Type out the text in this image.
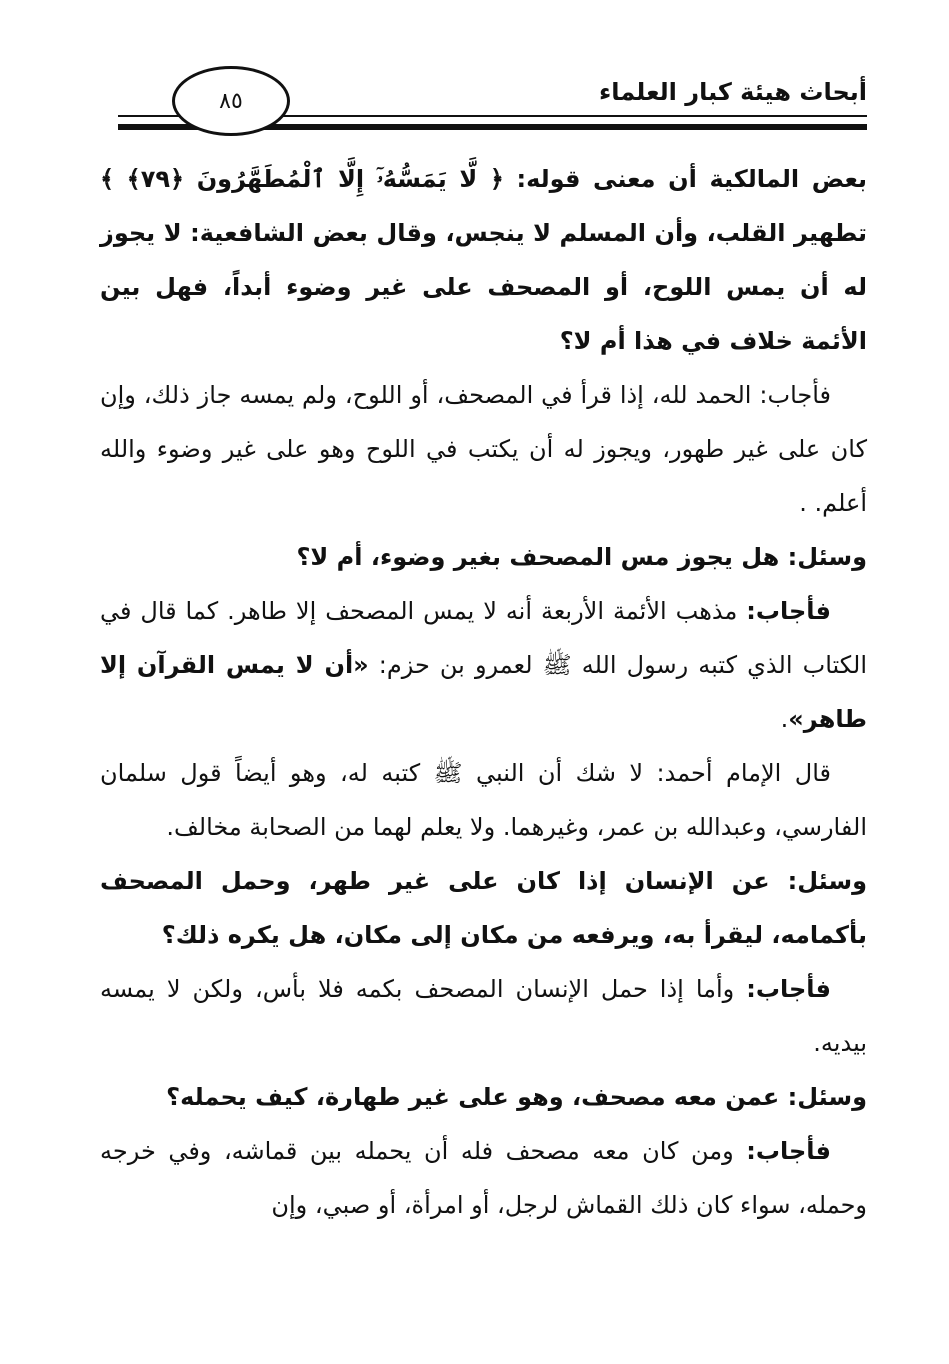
أبحاث هيئة كبار العلماء
٨٥

بعض المالكية أن معنى قوله: ﴿ لَّا يَمَسُّهُۥٓ إِلَّا ٱلْمُطَهَّرُونَ ﴿٧٩﴾ ﴾ تطهير القلب، وأن المسلم لا ينجس، وقال بعض الشافعية: لا يجوز له أن يمس اللوح، أو المصحف على غير وضوء أبداً، فهل بين الأئمة خلاف في هذا أم لا؟

فأجاب: الحمد لله، إذا قرأ في المصحف، أو اللوح، ولم يمسه جاز ذلك، وإن كان على غير طهور، ويجوز له أن يكتب في اللوح وهو على غير وضوء والله أعلم. .

وسئل: هل يجوز مس المصحف بغير وضوء، أم لا؟

فأجاب: مذهب الأئمة الأربعة أنه لا يمس المصحف إلا طاهر. كما قال في الكتاب الذي كتبه رسول الله ﷺ لعمرو بن حزم: «أن لا يمس القرآن إلا طاهر».

قال الإمام أحمد: لا شك أن النبي ﷺ كتبه له، وهو أيضاً قول سلمان الفارسي، وعبدالله بن عمر، وغيرهما. ولا يعلم لهما من الصحابة مخالف.

وسئل: عن الإنسان إذا كان على غير طهر، وحمل المصحف بأكمامه، ليقرأ به، ويرفعه من مكان إلى مكان، هل يكره ذلك؟

فأجاب: وأما إذا حمل الإنسان المصحف بكمه فلا بأس، ولكن لا يمسه بيديه.

وسئل: عمن معه مصحف، وهو على غير طهارة، كيف يحمله؟

فأجاب: ومن كان معه مصحف فله أن يحمله بين قماشه، وفي خرجه وحمله، سواء كان ذلك القماش لرجل، أو امرأة، أو صبي، وإن
